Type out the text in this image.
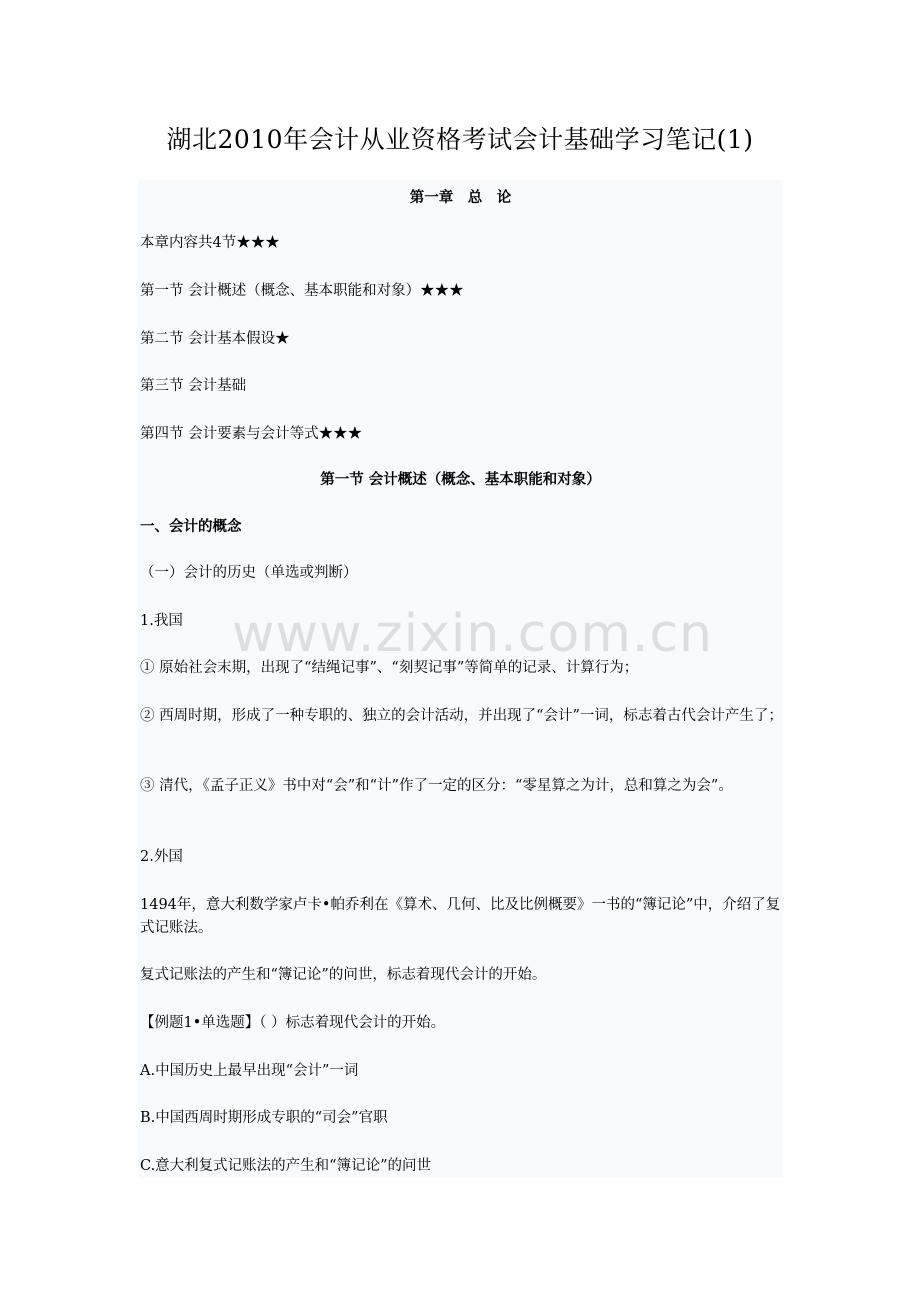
湖北2010年会计从业资格考试会计基础学习笔记(1)
第一章　总　论
本章内容共4节★★★
第一节 会计概述（概念、基本职能和对象）★★★
第二节 会计基本假设★
第三节 会计基础
第四节 会计要素与会计等式★★★
第一节 会计概述（概念、基本职能和对象）
一、会计的概念
（一）会计的历史（单选或判断）
1.我国
① 原始社会末期，出现了“结绳记事”、“刻契记事”等简单的记录、计算行为；
② 西周时期，形成了一种专职的、独立的会计活动，并出现了“会计”一词，标志着古代会计产生了；
③ 清代，《孟子正义》书中对“会”和“计”作了一定的区分：“零星算之为计，总和算之为会”。
2.外国
1494年，意大利数学家卢卡•帕乔利在《算术、几何、比及比例概要》一书的“簿记论”中，介绍了复式记账法。
复式记账法的产生和“簿记论”的问世，标志着现代会计的开始。
【例题1•单选题】（ ）标志着现代会计的开始。
A.中国历史上最早出现“会计”一词
B.中国西周时期形成专职的“司会”官职
C.意大利复式记账法的产生和“簿记论”的问世
www.zixin.com.cn
